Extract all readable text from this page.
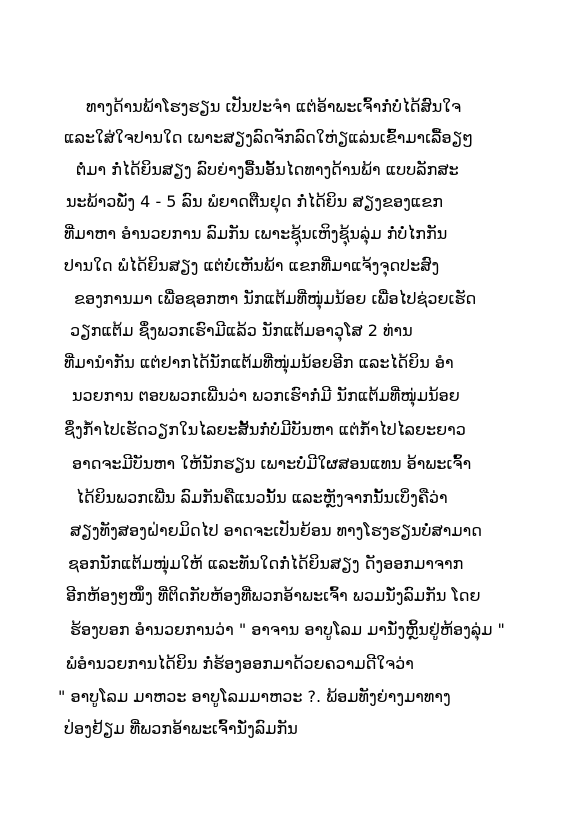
ທາງດ້ານພ້າໂຮງຮຽນ ເປັນປະຈຳ ແຕ່ອ້າພະເຈົ້າກໍ່ບໍ່ໄດ້ສົນໃຈ
ແລະໃສ່ໃຈປານໃດ ເພາະສຽງລົດຈັກລົດໃຫ່ຽແລ່ນເຂົ້າມາເລື້ອຽໆ
ຕໍ່ມາ ກໍ່ໄດ້ຍິນສຽງ ລົບຍ່າງອື້ນອັ້ນໄດທາງດ້ານພ້າ ແບບລັກສະ
ນະພ້າວພັ່ງ 4 - 5 ລົນ ພໍຍາດຕືນຢຸດ ກໍ່ໄດ້ຍິນ ສຽງຂອງແຂກ
ທີ່ມາຫາ ອຳນວຍການ ລົມກັນ ເພາະຊຸ້ນເຫິງຊຸ້ນລຸ່ມ ກໍ່ບໍ່ໄກກັນ
ປານໃດ ພໍໄດ້ຍິນສຽງ ແຕ່ບໍ່ເຫັນພ້າ ແຂກທີ່ມາແຈ້ງຈຸດປະສົງ
ຂອງການມາ ເພື່ອຊອກຫາ ນັກແຕ້ມທີ່ໜຸ່ມນ້ອຍ ເພື່ອໄປຊ່ວຍເຮັດ
ວຽກແຕ້ມ ຊຶ່ງພວກເຮົາມີແລ້ວ ນັກແຕ້ມອາວຸໂສ 2 ທ່ານ
ທີ່ມານຳກັນ ແຕ່ຢາກໄດ້ນັກແຕ້ມທີ່ໜຸ່ມນ້ອຍອີກ ແລະໄດ້ຍິນ ອຳ
ນວຍການ ຕອບພວກເພີ່ນວ່າ ພວກເຮົາກໍ່ມີ ນັກແຕ້ມທີ່ໜຸ່ມນ້ອຍ
ຊຶ່ງກໍ້າໄປເຮັດວຽກໃນໄລຍະສັ້ນກໍ່ບໍ່ມີບັນຫາ ແຕ່ກໍ້າໄປໄລຍະຍາວ
ອາດຈະມີບັນຫາ ໃຫ້ນັກຮຽນ ເພາະບໍ່ມີໃຜສອນແທນ ອ້າພະເຈົ້າ
ໄດ້ຍິນພວກເພີ່ນ ລົມກັນຄືແນວນັ້ນ ແລະຫຼັງຈາກນັ້ນເບິ່ງຄືວ່າ
ສຽງທັງສອງຝ່າຍມິດໄປ ອາດຈະເປັນຍ້ອນ ທາງໂຮງຮຽນບໍ່ສາມາດ
ຊອກນັກແຕ້ມໜຸ່ມໃຫ້ ແລະທັນໃດກໍ່ໄດ້ຍິນສຽງ ດັງອອກມາຈາກ
ອີກຫ້ອງໆໜຶ່ງ ທີ່ຕິດກັບຫ້ອງທີ່ພວກອ້າພະເຈົ້າ ພວມນັ່ງລົມກັນ ໂດຍ
ຮ້ອງບອກ ອຳນວຍການວ່າ " ອາຈານ ອາບູໂລມ ມານັ່ງຫຼິ້ນຢູ່ຫ້ອງລຸ່ມ "
ພໍອຳນວຍການໄດ້ຍິນ ກໍ່ຮ້ອງອອກມາດ້ວຍຄວາມດີໃຈວ່າ
" ອາບູໂລມ ມາຫວະ ອາບູໂລມມາຫວະ ?. ພ້ອມທັງຍ່າງມາທາງ
ປ່ອງຢ້ຽມ ທີ່ພວກອ້າພະເຈົ້ານັ່ງລົມກັນ
